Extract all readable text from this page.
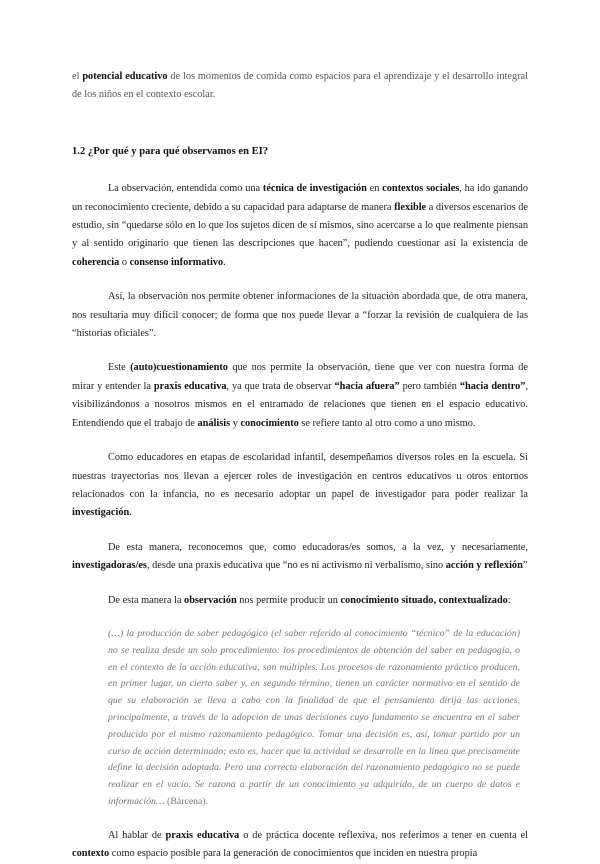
el potencial educativo de los momentos de comida como espacios para el aprendizaje y el desarrollo integral de los niños en el contexto escolar.

1.2 ¿Por qué y para qué observamos en EI?

La observación, entendida como una técnica de investigación en contextos sociales, ha ido ganando un reconocimiento creciente, debido a su capacidad para adaptarse de manera flexible a diversos escenarios de estudio, sin “quedarse sólo en lo que los sujetos dicen de sí mismos, sino acercarse a lo que realmente piensan y al sentido originario que tienen las descripciones que hacen”, pudiendo cuestionar así la existencia de coherencia o consenso informativo.

Así, la observación nos permite obtener informaciones de la situación abordada que, de otra manera, nos resultaría muy difícil conocer; de forma que nos puede llevar a “forzar la revisión de cualquiera de las “historias oficiales”.

Este (auto)cuestionamiento que nos permite la observación, tiene que ver con nuestra forma de mirar y entender la praxis educativa, ya que trata de observar “hacia afuera” pero también “hacia dentro”, visibilizándonos a nosotros mismos en el entramado de relaciones que tienen en el espacio educativo. Entendiendo que el trabajo de análisis y conocimiento se refiere tanto al otro como a uno mismo.

Como educadores en etapas de escolaridad infantil, desempeñamos diversos roles en la escuela. Si nuestras trayectorias nos llevan a ejercer roles de investigación en centros educativos u otros entornos relacionados con la infancia, no es necesario adoptar un papel de investigador para poder realizar la investigación.

De esta manera, reconocemos que, como educadoras/es somos, a la vez, y necesariamente, investigadoras/es, desde una praxis educativa que “no es ni activismo ni verbalismo, sino acción y reflexión”

De esta manera la observación nos permite producir un conocimiento situado, contextualizado:

(…) la producción de saber pedagógico (el saber referido al conocimiento “técnico” de la educación) no se realiza desde un solo procedimiento: los procedimientos de obtención del saber en pedagogía, o en el contexto de la acción educativa, son múltiples. Los procesos de razonamiento práctico producen, en primer lugar, un cierto saber y, en segundo término, tienen un carácter normativo en el sentido de que su elaboración se lleva a cabo con la finalidad de que el pensamiento dirija las acciones, principalmente, a través de la adopción de unas decisiones cuyo fundamento se encuentra en el saber producido por el mismo razonamiento pedagógico. Tomar una decisión es, así, tomar partido por un curso de acción determinado; esto es, hacer que la actividad se desarrolle en la línea que precisamente define la decisión adoptada. Pero una correcta elaboración del razonamiento pedagógico no se puede realizar en el vacío. Se razona a partir de un conocimiento ya adquirido, de un cuerpo de datos e información… (Bárcena).

Al hablar de praxis educativa o de práctica docente reflexiva, nos referimos a tener en cuenta el contexto como espacio posible para la generación de conocimientos que inciden en nuestra propia
